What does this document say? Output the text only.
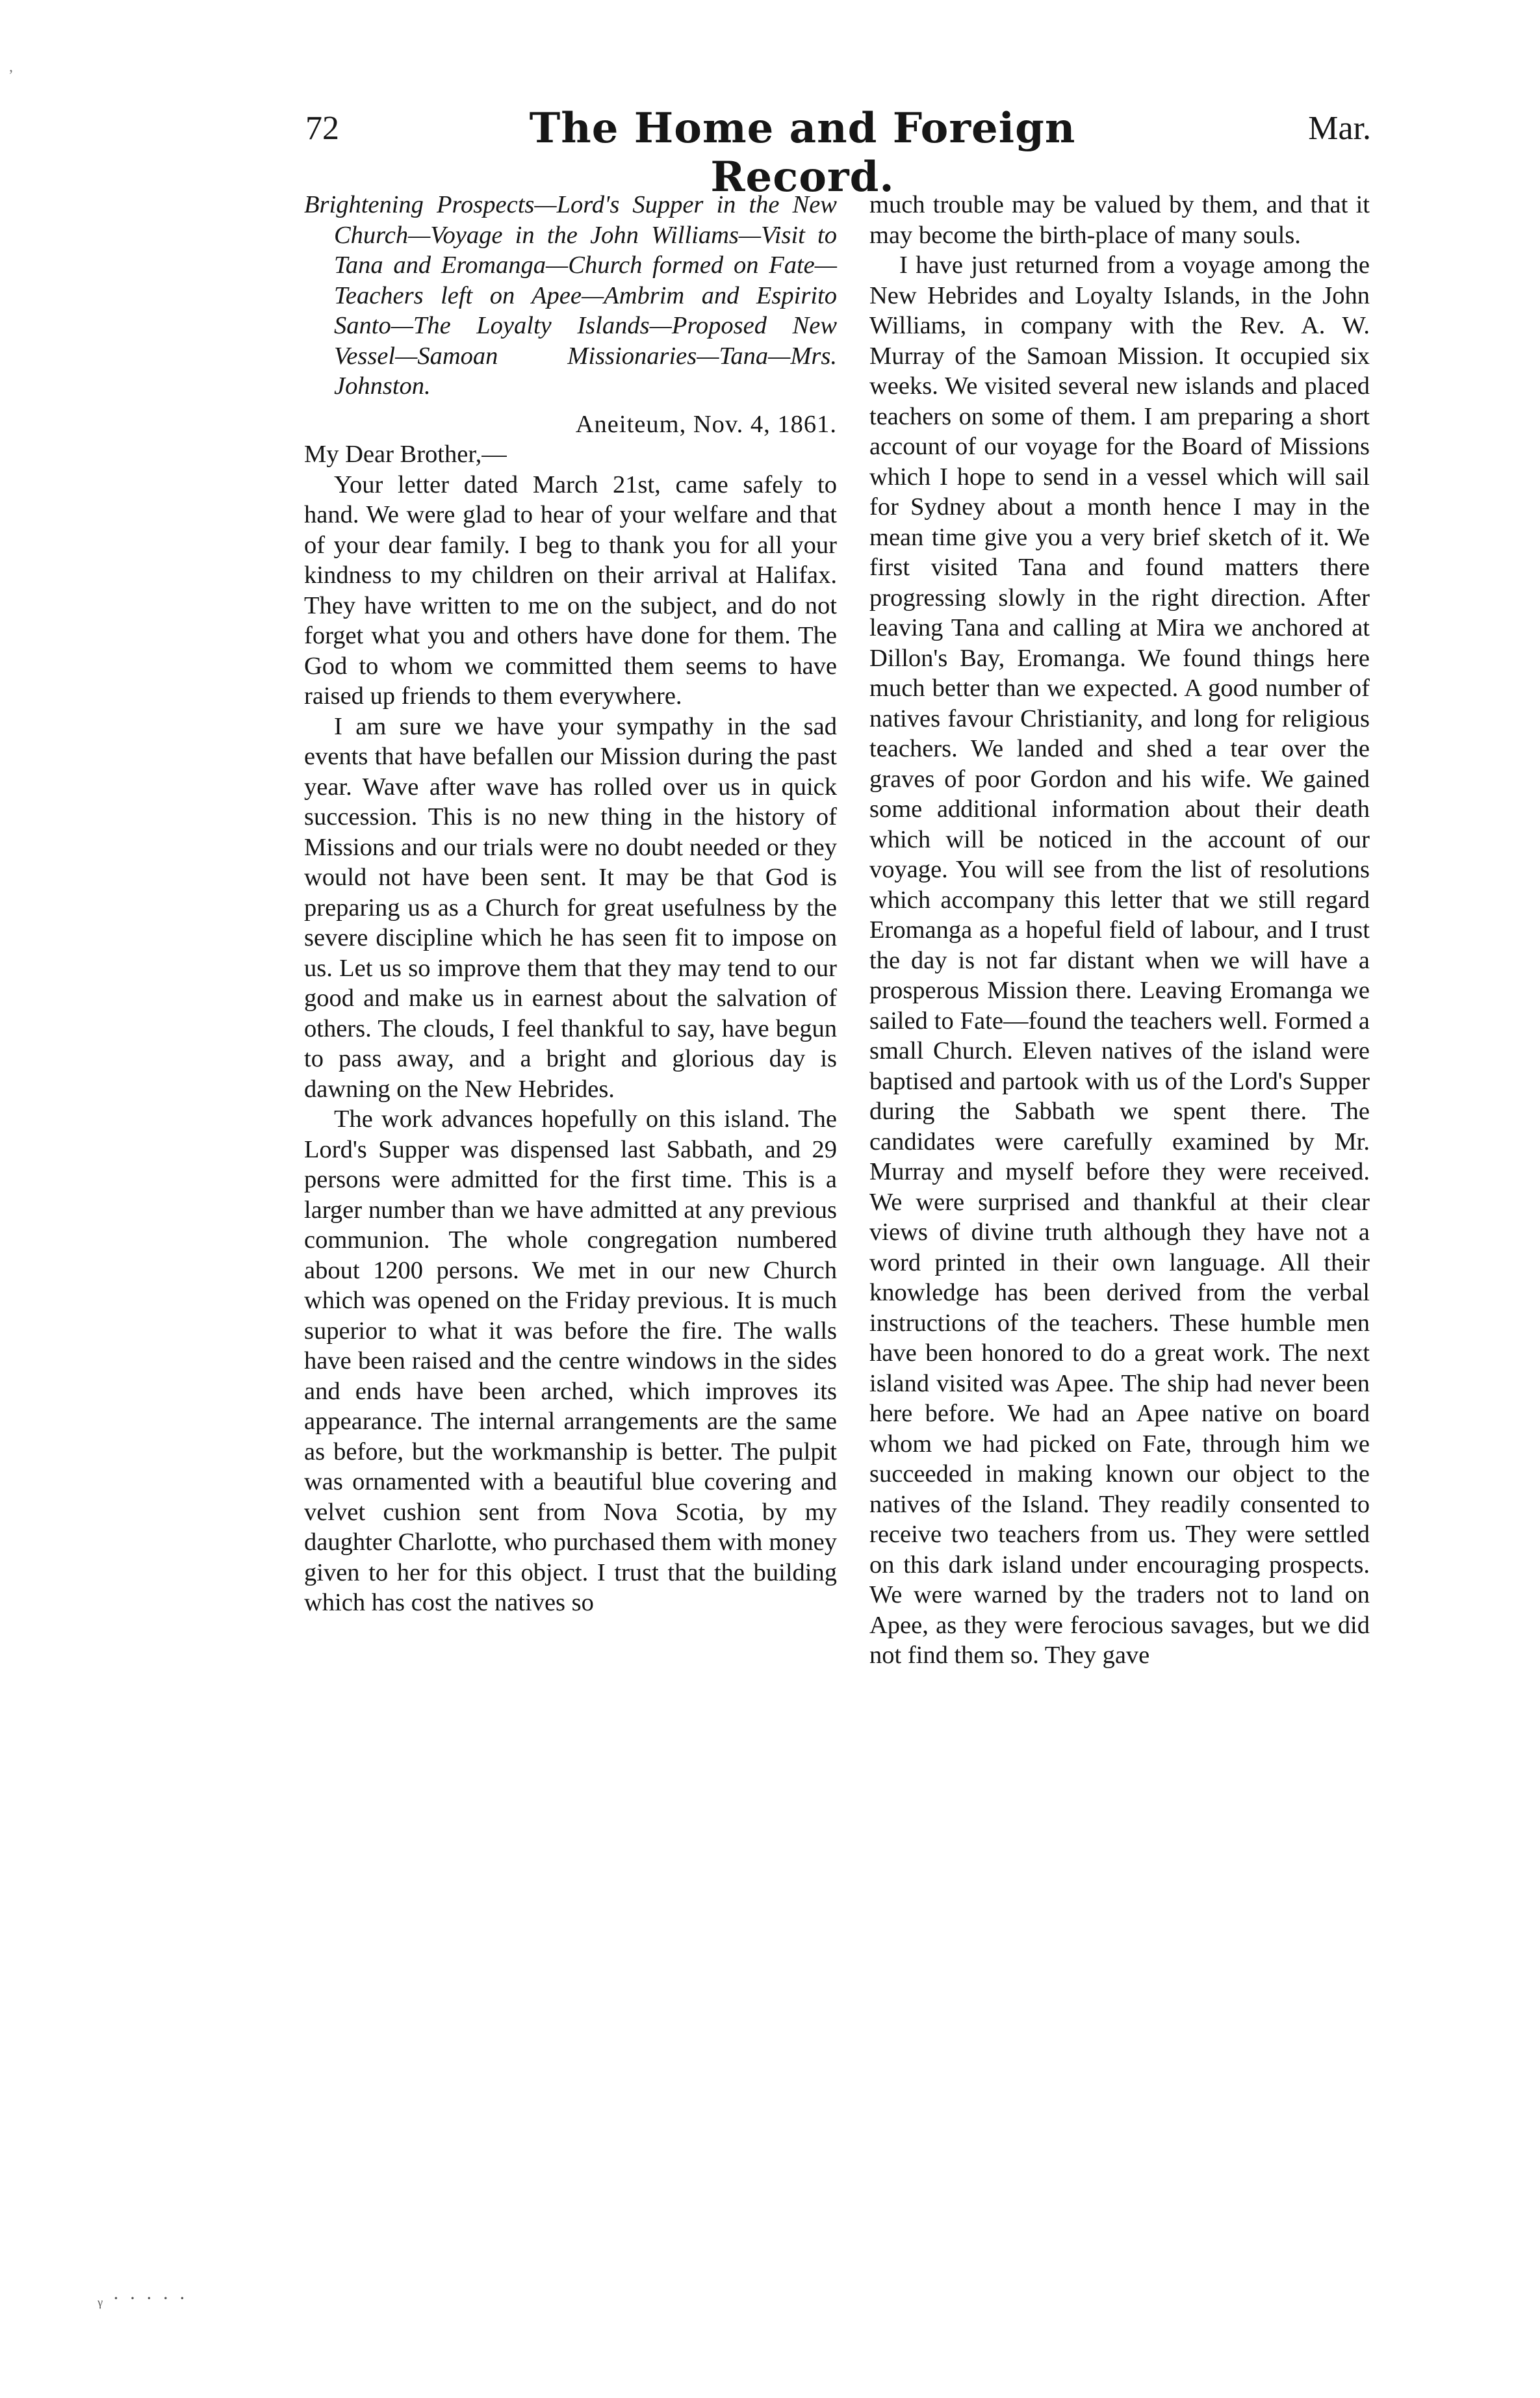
72	The Home and Foreign Record.
Mar.
,

Brightening Prospects—Lord's Supper in the New Church—Voyage in the John Williams—Visit to Tana and Eromanga—Church formed on Fate—Teachers left on Apee—Ambrim and Espirito Santo—The Loyalty Islands—Proposed New Vessel—Samoan Missionaries—Tana—Mrs. Johnston.

Aneiteum, Nov. 4, 1861.

My Dear Brother,—

Your letter dated March 21st, came safely to hand. We were glad to hear of your welfare and that of your dear family. I beg to thank you for all your kindness to my children on their arrival at Halifax. They have written to me on the subject, and do not forget what you and others have done for them. The God to whom we committed them seems to have raised up friends to them everywhere.

I am sure we have your sympathy in the sad events that have befallen our Mission during the past year. Wave after wave has rolled over us in quick succession. This is no new thing in the history of Missions and our trials were no doubt needed or they would not have been sent. It may be that God is preparing us as a Church for great usefulness by the severe discipline which he has seen fit to impose on us. Let us so improve them that they may tend to our good and make us in earnest about the salvation of others. The clouds, I feel thankful to say, have begun to pass away, and a bright and glorious day is dawning on the New Hebrides.

The work advances hopefully on this island. The Lord's Supper was dispensed last Sabbath, and 29 persons were admitted for the first time. This is a larger number than we have admitted at any previous communion. The whole congregation numbered about 1200 persons. We met in our new Church which was opened on the Friday previous. It is much superior to what it was before the fire. The walls have been raised and the centre windows in the sides and ends have been arched, which improves its appearance. The internal arrangements are the same as before, but the workmanship is better. The pulpit was ornamented with a beautiful blue covering and velvet cushion sent from Nova Scotia, by my daughter Charlotte, who purchased them with money given to her for this object. I trust that the building which has cost the natives so

much trouble may be valued by them, and that it may become the birth-place of many souls.

I have just returned from a voyage among the New Hebrides and Loyalty Islands, in the John Williams, in company with the Rev. A. W. Murray of the Samoan Mission. It occupied six weeks. We visited several new islands and placed teachers on some of them. I am preparing a short account of our voyage for the Board of Missions which I hope to send in a vessel which will sail for Sydney about a month hence I may in the mean time give you a very brief sketch of it. We first visited Tana and found matters there progressing slowly in the right direction. After leaving Tana and calling at Mira we anchored at Dillon's Bay, Eromanga. We found things here much better than we expected. A good number of natives favour Christianity, and long for religious teachers. We landed and shed a tear over the graves of poor Gordon and his wife. We gained some additional information about their death which will be noticed in the account of our voyage. You will see from the list of resolutions which accompany this letter that we still regard Eromanga as a hopeful field of labour, and I trust the day is not far distant when we will have a prosperous Mission there. Leaving Eromanga we sailed to Fate—found the teachers well. Formed a small Church. Eleven natives of the island were baptised and partook with us of the Lord's Supper during the Sabbath we spent there. The candidates were carefully examined by Mr. Murray and myself before they were received. We were surprised and thankful at their clear views of divine truth although they have not a word printed in their own language. All their knowledge has been derived from the verbal instructions of the teachers. These humble men have been honored to do a great work. The next island visited was Apee. The ship had never been here before. We had an Apee native on board whom we had picked on Fate, through him we succeeded in making known our object to the natives of the Island. They readily consented to receive two teachers from us. They were settled on this dark island under encouraging prospects. We were warned by the traders not to land on Apee, as they were ferocious savages, but we did not find them so. They gave

ᵧ · · · · ·
